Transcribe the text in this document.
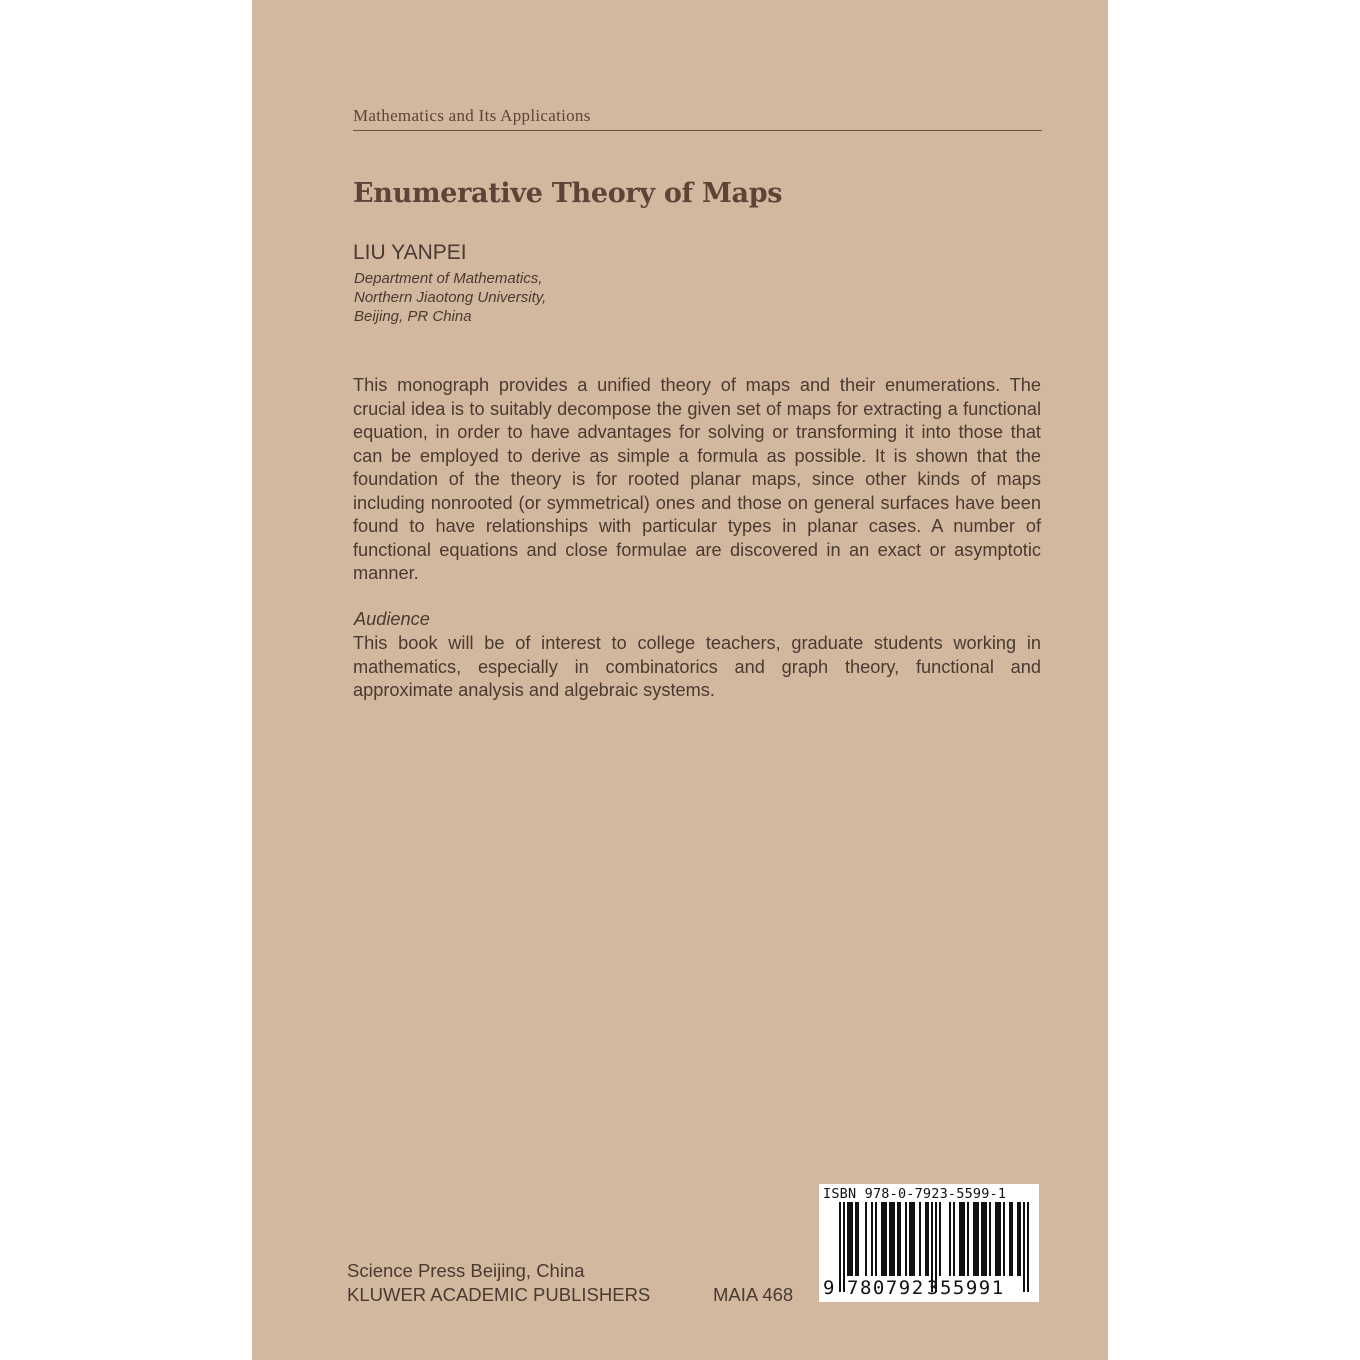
Mathematics and Its Applications
Enumerative Theory of Maps
LIU YANPEI
Department of Mathematics,
Northern Jiaotong University,
Beijing, PR China

This monograph provides a unified theory of maps and their enumerations. The crucial idea is to suitably decompose the given set of maps for extracting a functional equation, in order to have advantages for solving or transforming it into those that can be employed to derive as simple a formula as possible. It is shown that the foundation of the theory is for rooted planar maps, since other kinds of maps including nonrooted (or symmetrical) ones and those on general surfaces have been found to have relationships with particular types in planar cases. A number of functional equations and close formulae are discovered in an exact or asymptotic manner.

Audience

This book will be of interest to college teachers, graduate students working in mathematics, especially in combinatorics and graph theory, functional and approximate analysis and algebraic systems.

Science Press Beijing, China
KLUWER ACADEMIC PUBLISHERS	MAIA 468
ISBN 978-0-7923-5599-1
9 780792 355991
